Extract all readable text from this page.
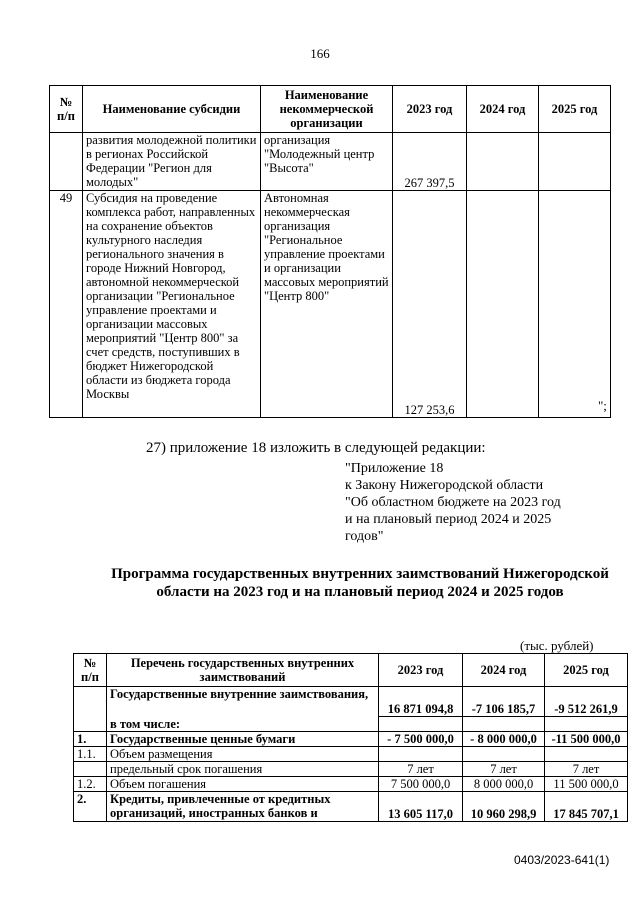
166
№ п/п	Наименование субсидии	Наименование некоммерческой организации	2023 год	2024 год	2025 год
	развития молодежной политики в регионах Российской Федерации "Регион для молодых"	организация "Молодежный центр "Высота"	267 397,5		
49	Субсидия на проведение комплекса работ, направленных на сохранение объектов культурного наследия регионального значения в городе Нижний Новгород, автономной некоммерческой организации "Региональное управление проектами и организации массовых мероприятий "Центр 800" за счет средств, поступивших в бюджет Нижегородской области из бюджета города Москвы	Автономная некоммерческая организация "Региональное управление проектами и организации массовых мероприятий "Центр 800"	127 253,6			";
27) приложение 18 изложить в следующей редакции:
"Приложение 18
к Закону Нижегородской области
"Об областном бюджете на 2023 год
и на плановый период 2024 и 2025
годов"
Программа государственных внутренних заимствований Нижегородской области на 2023 год и на плановый период 2024 и 2025 годов
(тыс. рублей)
№ п/п	Перечень государственных внутренних заимствований	2023 год	2024 год	2025 год
	Государственные внутренние заимствования,	16 871 094,8	-7 106 185,7	-9 512 261,9
	в том числе:			
1.	Государственные ценные бумаги	- 7 500 000,0	- 8 000 000,0	-11 500 000,0
1.1.	Объем размещения			
	предельный срок погашения	7 лет	7 лет	7 лет
1.2.	Объем погашения	7 500 000,0	8 000 000,0	11 500 000,0
2.	Кредиты, привлеченные от кредитных организаций, иностранных банков и	13 605 117,0	10 960 298,9	17 845 707,1
0403/2023-641(1)
